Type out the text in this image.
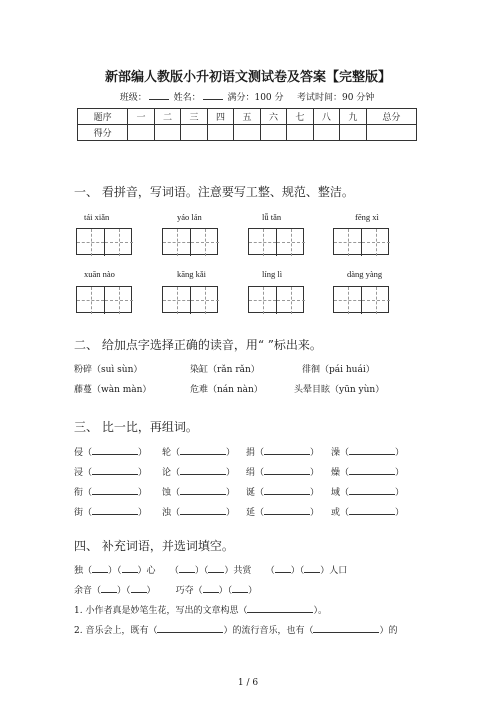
新部编人教版小升初语文测试卷及答案【完整版】
班级：	姓名：	满分：100 分 考试时间：90 分钟
题序	一	二	三	四	五	六	七	八	九	总分
得分										
一、 看拼音，写词语。注意要写工整、规范、整洁。
tái xiǎn	yáo lán	lǚ tǎn	fēng xì
xuān nào	kāng kǎi	líng lì	dàng yàng
二、 给加点字选择正确的读音，用“ ”标出来。
粉碎（suì sùn）	染缸（rǎn rǎn）	徘徊（pái huái）
藤蔓（wàn màn）	危难（nán nàn）	头晕目眩（yūn yùn）
三、 比一比，再组词。
侵（	） 轮（	） 捐（	） 澡（	）
浸（	） 论（	） 绢（	） 燥（	）
衔（	） 蚀（	） 诞（	） 域（	）
街（	） 浊（	） 延（	） 或（	）
四、 补充词语，并选词填空。
独（ ）（ ）心 （ ）（ ）共赏 （ ）（ ）人口
余音（ ）（ ） 巧夺（ ）（ ）
1. 小作者真是妙笔生花，写出的文章构思（	）。
2. 音乐会上，既有（	）的流行音乐，也有（	）的
1 / 6
